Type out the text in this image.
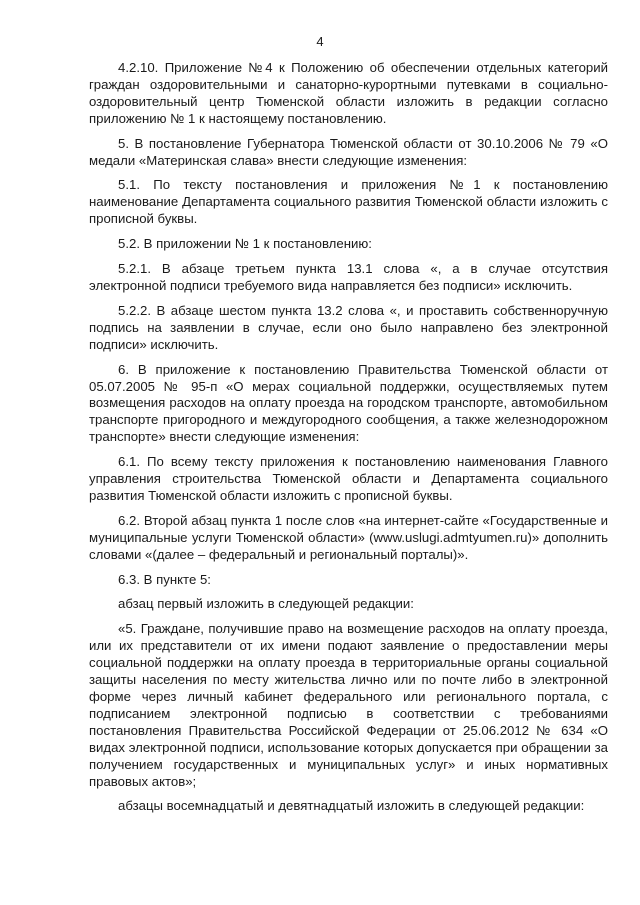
4

4.2.10. Приложение №4 к Положению об обеспечении отдельных категорий граждан оздоровительными и санаторно-курортными путевками в социально-оздоровительный центр Тюменской области изложить в редакции согласно приложению № 1 к настоящему постановлению.

5. В постановление Губернатора Тюменской области от 30.10.2006 № 79 «О медали «Материнская слава» внести следующие изменения:

5.1. По тексту постановления и приложения №1 к постановлению наименование Департамента социального развития Тюменской области изложить с прописной буквы.

5.2. В приложении № 1 к постановлению:

5.2.1. В абзаце третьем пункта 13.1 слова «, а в случае отсутствия электронной подписи требуемого вида направляется без подписи» исключить.

5.2.2. В абзаце шестом пункта 13.2 слова «, и проставить собственноручную подпись на заявлении в случае, если оно было направлено без электронной подписи» исключить.

6. В приложение к постановлению Правительства Тюменской области от 05.07.2005 № 95-п «О мерах социальной поддержки, осуществляемых путем возмещения расходов на оплату проезда на городском транспорте, автомобильном транспорте пригородного и междугородного сообщения, а также железнодорожном транспорте» внести следующие изменения:

6.1. По всему тексту приложения к постановлению наименования Главного управления строительства Тюменской области и Департамента социального развития Тюменской области изложить с прописной буквы.

6.2. Второй абзац пункта 1 после слов «на интернет-сайте «Государственные и муниципальные услуги Тюменской области» (www.uslugi.admtyumen.ru)» дополнить словами «(далее – федеральный и региональный порталы)».

6.3. В пункте 5:

абзац первый изложить в следующей редакции:

«5. Граждане, получившие право на возмещение расходов на оплату проезда, или их представители от их имени подают заявление о предоставлении меры социальной поддержки на оплату проезда в территориальные органы социальной защиты населения по месту жительства лично или по почте либо в электронной форме через личный кабинет федерального или регионального портала, с подписанием электронной подписью в соответствии с требованиями постановления Правительства Российской Федерации от 25.06.2012 № 634 «О видах электронной подписи, использование которых допускается при обращении за получением государственных и муниципальных услуг» и иных нормативных правовых актов»;

абзацы восемнадцатый и девятнадцатый изложить в следующей редакции:
